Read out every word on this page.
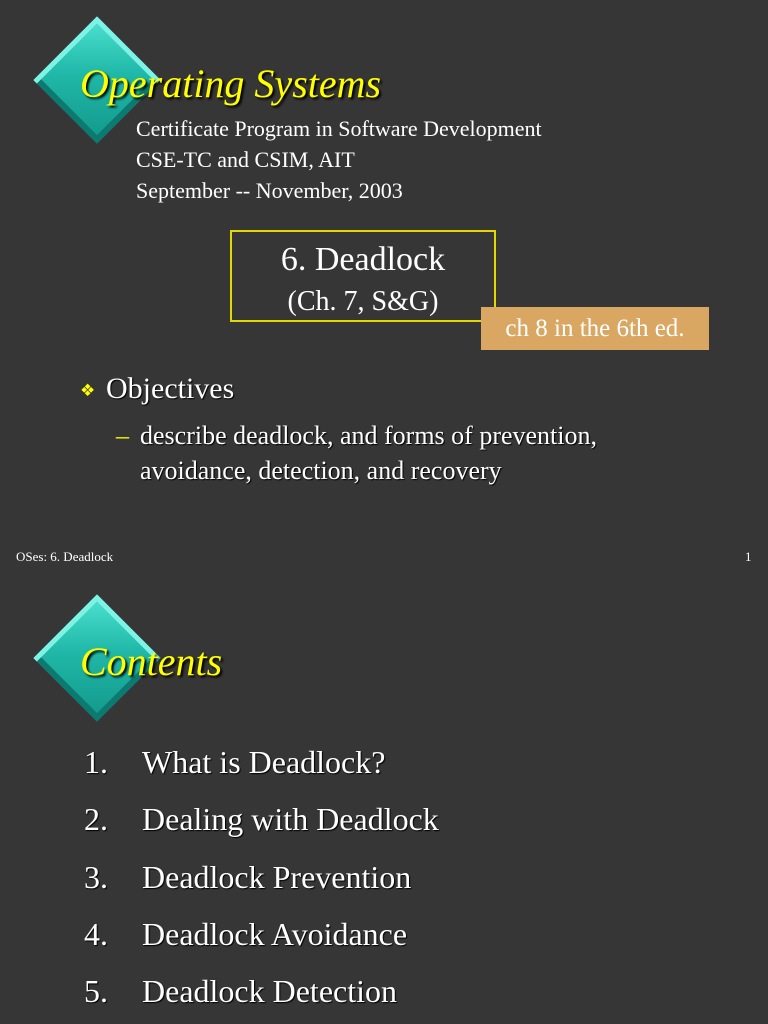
Operating Systems
Certificate Program in Software Development
CSE-TC and CSIM, AIT
September -- November, 2003
6. Deadlock
(Ch. 7, S&G)
ch 8 in the 6th ed.
❖ Objectives
– describe deadlock, and forms of prevention,
avoidance, detection, and recovery
OSes: 6. Deadlock	1
Contents
1. What is Deadlock?
2. Dealing with Deadlock
3. Deadlock Prevention
4. Deadlock Avoidance
5. Deadlock Detection
